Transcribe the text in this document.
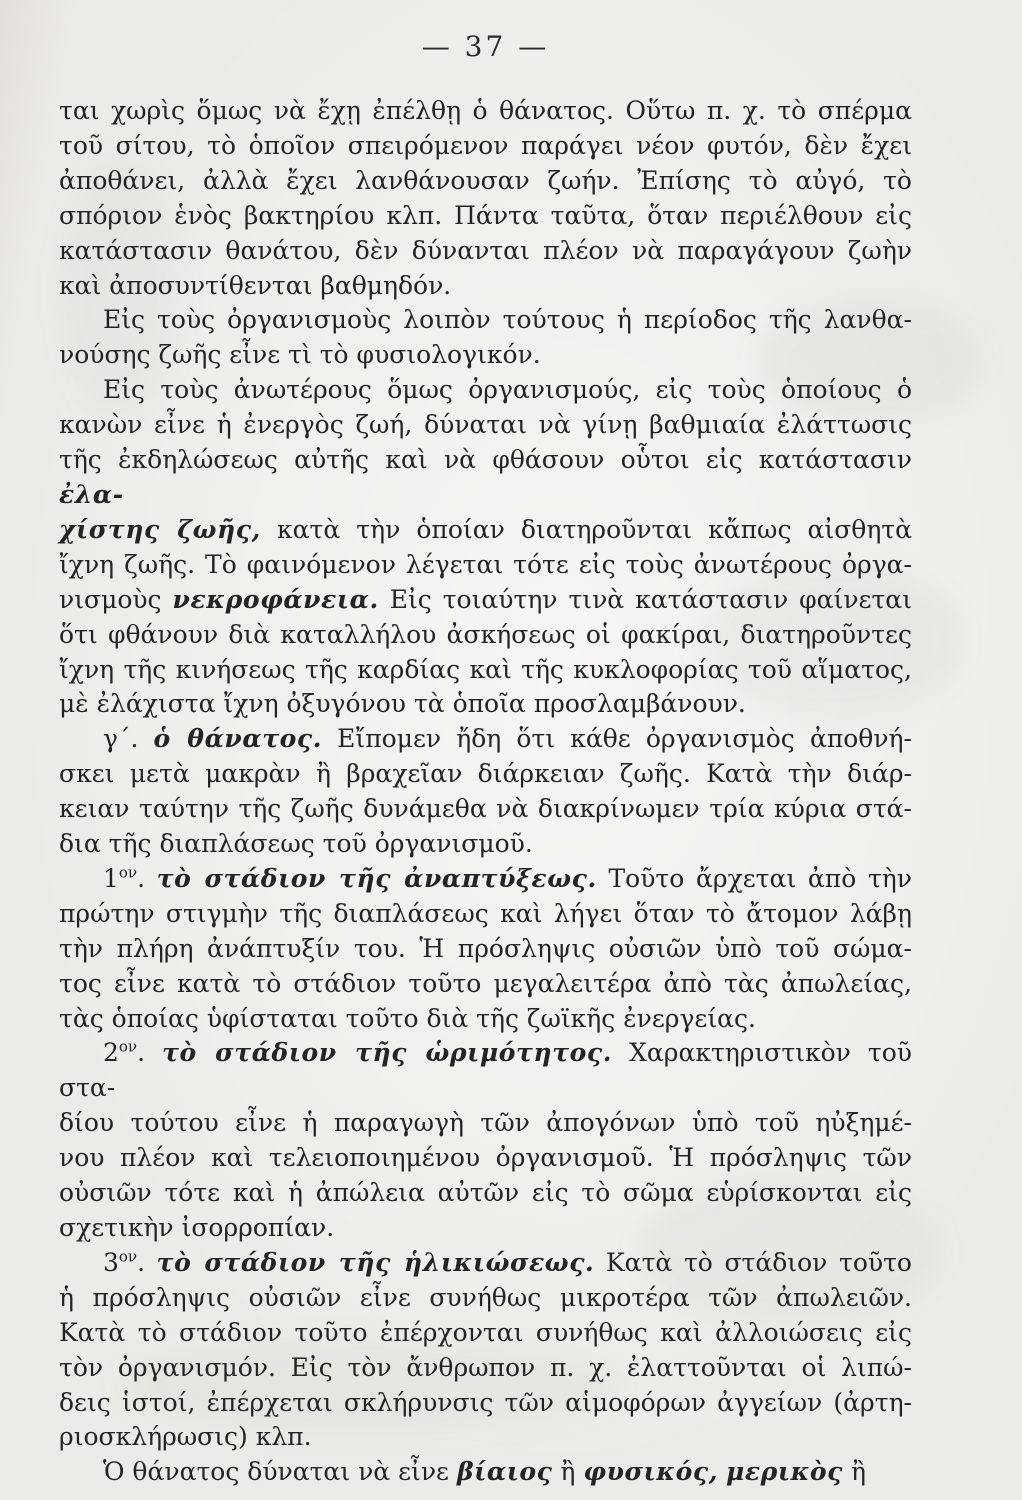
— 37 —
ται χωρὶς ὅμως νὰ ἔχῃ ἐπέλθῃ ὁ θάνατος. Οὕτω π. χ. τὸ σπέρμα
τοῦ σίτου, τὸ ὁποῖον σπειρόμενον παράγει νέον φυτόν, δὲν ἔχει
ἀποθάνει, ἀλλὰ ἔχει λανθάνουσαν ζωήν. Ἐπίσης τὸ αὐγό, τὸ
σπόριον ἑνὸς βακτηρίου κλπ. Πάντα ταῦτα, ὅταν περιέλθουν εἰς
κατάστασιν θανάτου, δὲν δύνανται πλέον νὰ παραγάγουν ζωὴν
καὶ ἀποσυντίθενται βαθμηδόν.
Εἰς τοὺς ὀργανισμοὺς λοιπὸν τούτους ἡ περίοδος τῆς λανθα-
νούσης ζωῆς εἶνε τὶ τὸ φυσιολογικόν.
Εἰς τοὺς ἀνωτέρους ὅμως ὀργανισμούς, εἰς τοὺς ὁποίους ὁ
κανὼν εἶνε ἡ ἐνεργὸς ζωή, δύναται νὰ γίνῃ βαθμιαία ἐλάττωσις
τῆς ἐκδηλώσεως αὐτῆς καὶ νὰ φθάσουν οὗτοι εἰς κατάστασιν ἐλα-
χίστης ζωῆς, κατὰ τὴν ὁποίαν διατηροῦνται κἄπως αἰσθητὰ
ἴχνη ζωῆς. Τὸ φαινόμενον λέγεται τότε εἰς τοὺς ἀνωτέρους ὀργα-
νισμοὺς νεκροφάνεια. Εἰς τοιαύτην τινὰ κατάστασιν φαίνεται
ὅτι φθάνουν διὰ καταλλήλου ἀσκήσεως οἱ φακίραι, διατηροῦντες
ἴχνη τῆς κινήσεως τῆς καρδίας καὶ τῆς κυκλοφορίας τοῦ αἵματος,
μὲ ἐλάχιστα ἴχνη ὀξυγόνου τὰ ὁποῖα προσλαμβάνουν.
γ΄. ὁ θάνατος. Εἴπομεν ἤδη ὅτι κάθε ὀργανισμὸς ἀποθνή-
σκει μετὰ μακρὰν ἢ βραχεῖαν διάρκειαν ζωῆς. Κατὰ τὴν διάρ-
κειαν ταύτην τῆς ζωῆς δυνάμεθα νὰ διακρίνωμεν τρία κύρια στά-
δια τῆς διαπλάσεως τοῦ ὀργανισμοῦ.
$1^{o\nu}$. τὸ στάδιον τῆς ἀναπτύξεως. Τοῦτο ἄρχεται ἀπὸ τὴν
πρώτην στιγμὴν τῆς διαπλάσεως καὶ λήγει ὅταν τὸ ἄτομον λάβῃ
τὴν πλήρη ἀνάπτυξίν του. Ἡ πρόσληψις οὐσιῶν ὑπὸ τοῦ σώμα-
τος εἶνε κατὰ τὸ στάδιον τοῦτο μεγαλειτέρα ἀπὸ τὰς ἀπωλείας,
τὰς ὁποίας ὑφίσταται τοῦτο διὰ τῆς ζωϊκῆς ἐνεργείας.
$2^{o\nu}$. τὸ στάδιον τῆς ὡριμότητος. Χαρακτηριστικὸν τοῦ στα-
δίου τούτου εἶνε ἡ παραγωγὴ τῶν ἀπογόνων ὑπὸ τοῦ ηὐξημέ-
νου πλέον καὶ τελειοποιημένου ὀργανισμοῦ. Ἡ πρόσληψις τῶν
οὐσιῶν τότε καὶ ἡ ἀπώλεια αὐτῶν εἰς τὸ σῶμα εὑρίσκονται εἰς
σχετικὴν ἰσορροπίαν.
$3^{o\nu}$. τὸ στάδιον τῆς ἡλικιώσεως. Κατὰ τὸ στάδιον τοῦτο
ἡ πρόσληψις οὐσιῶν εἶνε συνήθως μικροτέρα τῶν ἀπωλειῶν.
Κατὰ τὸ στάδιον τοῦτο ἐπέρχονται συνήθως καὶ ἀλλοιώσεις εἰς
τὸν ὀργανισμόν. Εἰς τὸν ἄνθρωπον π. χ. ἐλαττοῦνται οἱ λιπώ-
δεις ἱστοί, ἐπέρχεται σκλήρυνσις τῶν αἱμοφόρων ἀγγείων (ἀρτη-
ριοσκλήρωσις) κλπ.
Ὁ θάνατος δύναται νὰ εἶνε βίαιος ἢ φυσικός, μερικὸς ἢ
